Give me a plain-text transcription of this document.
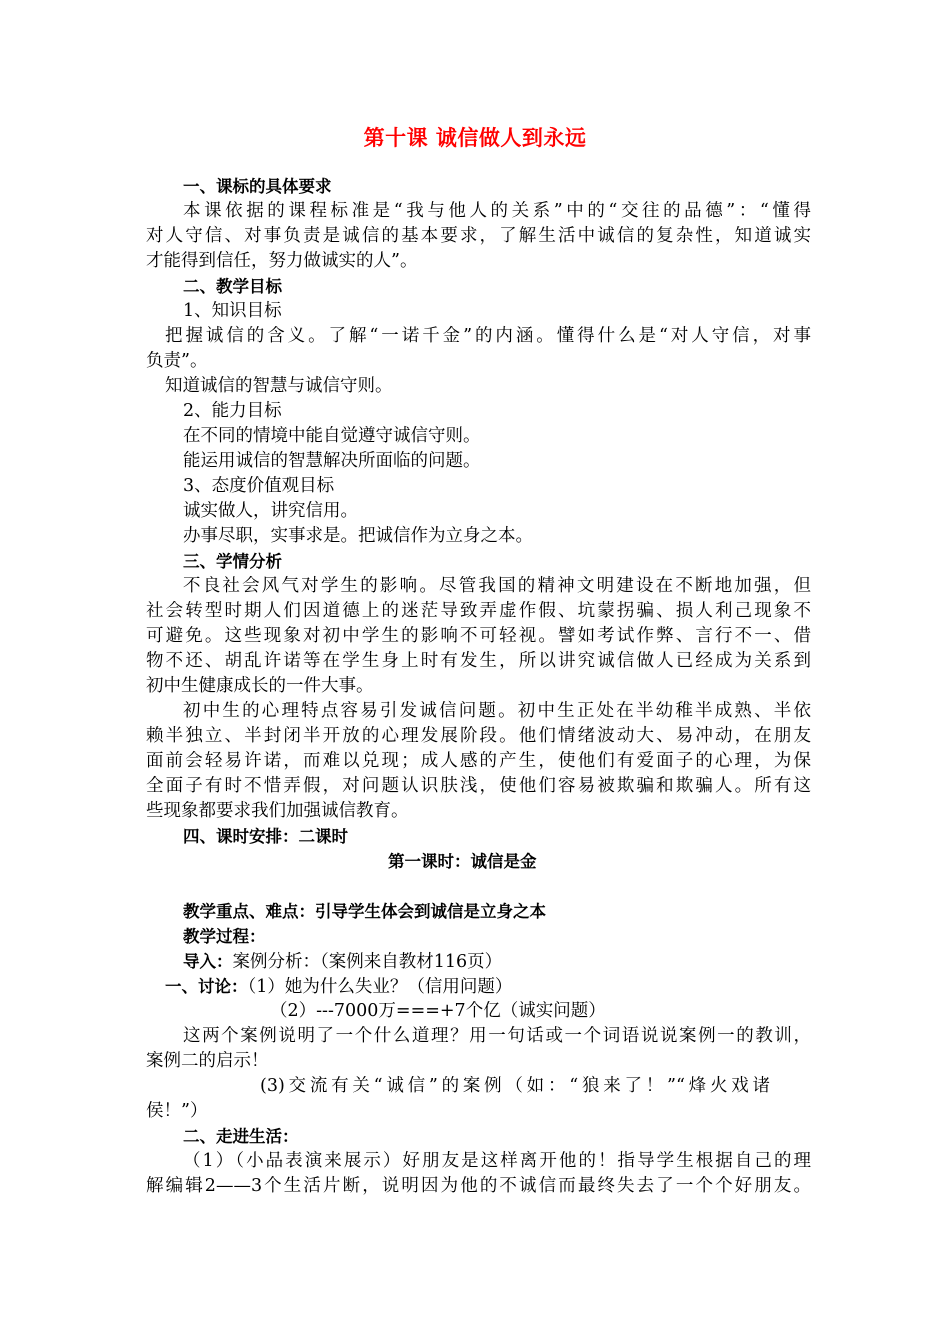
第十课 诚信做人到永远
一、课标的具体要求
本课依据的课程标准是“我与他人的关系”中的“交往的品德”：“懂得
对人守信、对事负责是诚信的基本要求，了解生活中诚信的复杂性，知道诚实
才能得到信任，努力做诚实的人”。
二、教学目标
1、知识目标
把握诚信的含义。了解“一诺千金”的内涵。懂得什么是“对人守信，对事
负责”。
知道诚信的智慧与诚信守则。
2、能力目标
在不同的情境中能自觉遵守诚信守则。
能运用诚信的智慧解决所面临的问题。
3、态度价值观目标
诚实做人，讲究信用。
办事尽职，实事求是。把诚信作为立身之本。
三、学情分析
不良社会风气对学生的影响。尽管我国的精神文明建设在不断地加强，但
社会转型时期人们因道德上的迷茫导致弄虚作假、坑蒙拐骗、损人利己现象不
可避免。这些现象对初中学生的影响不可轻视。譬如考试作弊、言行不一、借
物不还、胡乱许诺等在学生身上时有发生，所以讲究诚信做人已经成为关系到
初中生健康成长的一件大事。
初中生的心理特点容易引发诚信问题。初中生正处在半幼稚半成熟、半依
赖半独立、半封闭半开放的心理发展阶段。他们情绪波动大、易冲动，在朋友
面前会轻易许诺，而难以兑现；成人感的产生，使他们有爱面子的心理，为保
全面子有时不惜弄假，对问题认识肤浅，使他们容易被欺骗和欺骗人。所有这
些现象都要求我们加强诚信教育。
四、课时安排：二课时
第一课时：诚信是金
教学重点、难点：引导学生体会到诚信是立身之本
教学过程：
导入：案例分析：（案例来自教材116页）
一、讨论：（1）她为什么失业？（信用问题）
（2）---7000万===+7个亿（诚实问题）
这两个案例说明了一个什么道理？用一句话或一个词语说说案例一的教训，
案例二的启示！
(3)交流有关“诚信”的案例（如：“狼来了！”“烽火戏诸
侯！”）
二、走进生活：
（1）（小品表演来展示）好朋友是这样离开他的！指导学生根据自己的理
解编辑2——3个生活片断，说明因为他的不诚信而最终失去了一个个好朋友。
